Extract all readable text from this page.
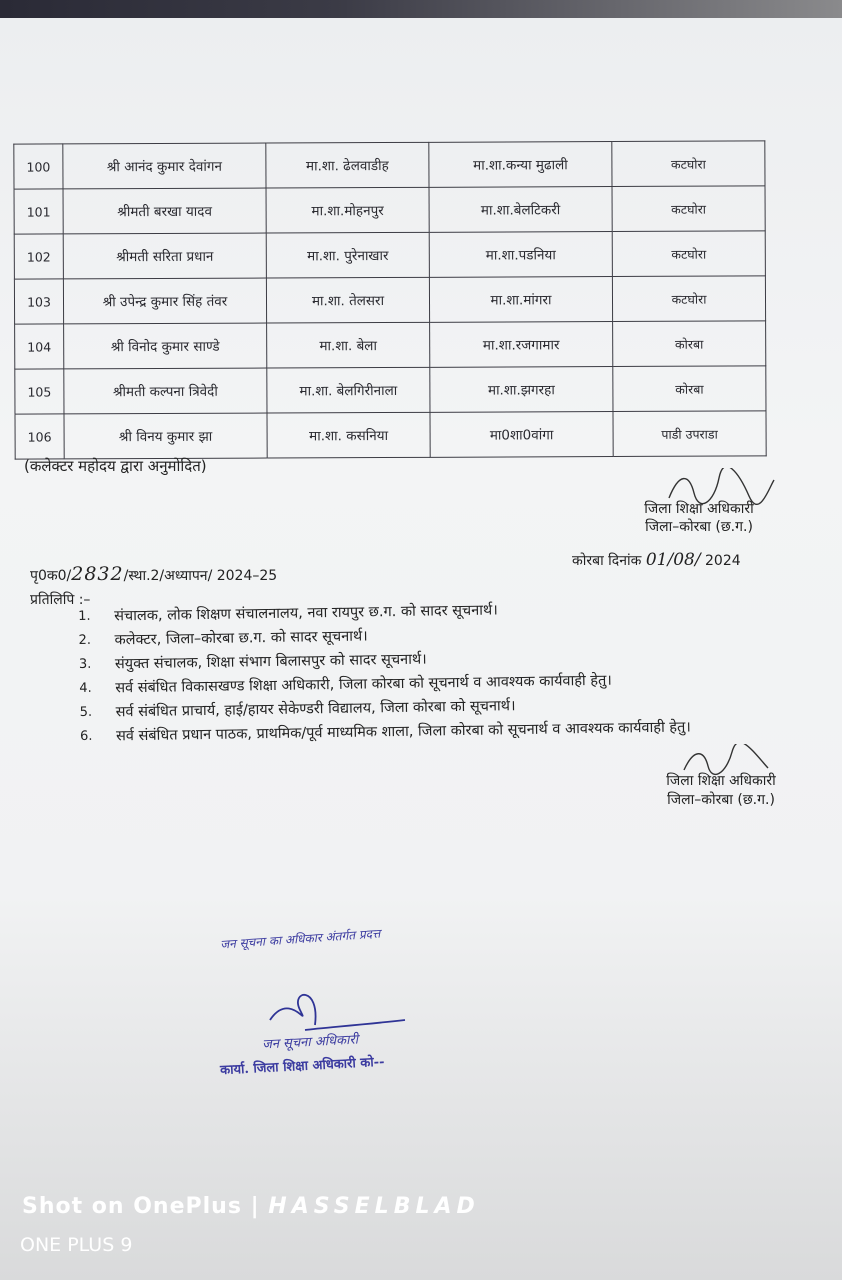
100	श्री आनंद कुमार देवांगन	मा.शा. ढेलवाडीह	मा.शा.कन्या मुढाली	कटघोरा
101	श्रीमती बरखा यादव	मा.शा.मोहनपुर	मा.शा.बेलटिकरी	कटघोरा
102	श्रीमती सरिता प्रधान	मा.शा. पुरेनाखार	मा.शा.पडनिया	कटघोरा
103	श्री उपेन्द्र कुमार सिंह तंवर	मा.शा. तेलसरा	मा.शा.मांगरा	कटघोरा
104	श्री विनोद कुमार साण्डे	मा.शा. बेला	मा.शा.रजगामार	कोरबा
105	श्रीमती कल्पना त्रिवेदी	मा.शा. बेलगिरीनाला	मा.शा.झगरहा	कोरबा
106	श्री विनय कुमार झा	मा.शा. कसनिया	मा0शा0वांगा	पाडी उपराडा
(कलेक्टर महोदय द्वारा अनुमोदित)
जिला शिक्षा अधिकारी
जिला–कोरबा (छ.ग.)
कोरबा दिनांक 01/08/ 2024
पृ0क0/2832/स्था.2/अध्यापन/ 2024–25
प्रतिलिपि :–
1.	संचालक, लोक शिक्षण संचालनालय, नवा रायपुर छ.ग. को सादर सूचनार्थ।
2.	कलेक्टर, जिला–कोरबा छ.ग. को सादर सूचनार्थ।
3.	संयुक्त संचालक, शिक्षा संभाग बिलासपुर को सादर सूचनार्थ।
4.	सर्व संबंधित विकासखण्ड शिक्षा अधिकारी, जिला कोरबा को सूचनार्थ व आवश्यक कार्यवाही हेतु।
5.	सर्व संबंधित प्राचार्य, हाई/हायर सेकेण्डरी विद्यालय, जिला कोरबा को सूचनार्थ।
6.	सर्व संबंधित प्रधान पाठक, प्राथमिक/पूर्व माध्यमिक शाला, जिला कोरबा को सूचनार्थ व आवश्यक कार्यवाही हेतु।
जिला शिक्षा अधिकारी
जिला–कोरबा (छ.ग.)
जन सूचना का अधिकार अंतर्गत प्रदत्त
जन सूचना अधिकारी
कार्या. जिला शिक्षा अधिकारी को--
Shot on OnePlus | HASSELBLAD
ONE PLUS 9
